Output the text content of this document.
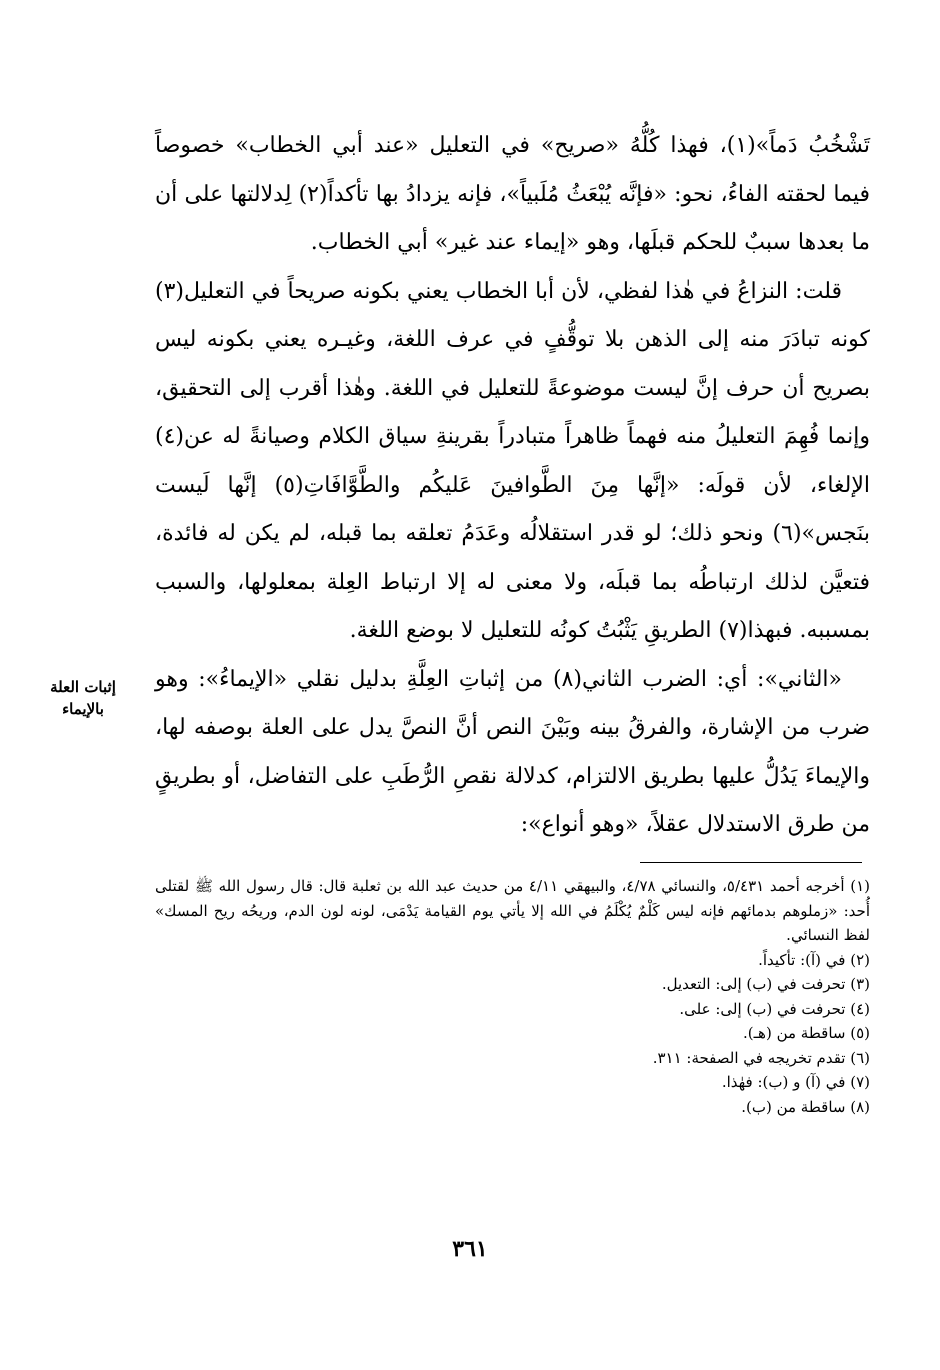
تَشْخُبُ دَماً»(١)، فهذا كُلُّهُ «صريح» في التعليل «عند أبي الخطاب» خصوصاً فيما لحقته الفاءُ، نحو: «فإنَّه يُبْعَثُ مُلَبياً»، فإنه يزدادُ بها تأكداً(٢) لِدلالتها على أن ما بعدها سببٌ للحكم قبلَها، وهو «إيماء عند غير» أبي الخطاب.

قلت: النزاعُ في هٰذا لفظي، لأن أبا الخطاب يعني بكونه صريحاً في التعليل(٣) كونه تبادَرَ منه إلى الذهن بلا توقُّفٍ في عرف اللغة، وغيـره يعني بكونه ليس بصريح أن حرف إنَّ ليست موضوعةً للتعليل في اللغة. وهٰذا أقرب إلى التحقيق، وإنما فُهِمَ التعليلُ منه فهماً ظاهراً متبادراً بقرينةِ سياق الكلام وصيانةً له عن(٤) الإلغاء، لأن قولَه: «إنَّها مِنَ الطَّوافينَ عَليكُم والطَّوَّافَاتِ(٥) إنَّها لَيست بنَجس»(٦) ونحو ذلك؛ لو قدر استقلالُه وعَدَمُ تعلقه بما قبله، لم يكن له فائدة، فتعيَّن لذلك ارتباطُه بما قبلَه، ولا معنى له إلا ارتباط العِلة بمعلولها، والسبب بمسببه. فبهذا(٧) الطريقِ يَثْبُتُ كونُه للتعليل لا بوضع اللغة.

«الثاني»: أي: الضرب الثاني(٨) من إثباتِ العِلَّةِ بدليل نقلي «الإيماءُ»: وهو ضرب من الإشارة، والفرقُ بينه وبَيْنَ النص أنَّ النصَّ يدل على العلة بوصفه لها، والإيماءَ يَدُلُّ عليها بطريق الالتزام، كدلالة نقصِ الرُّطَبِ على التفاضل، أو بطريقٍ من طرق الاستدلال عقلاً، «وهو أنواع»:

إثبات العلة
بالإيماء

(١) أخرجه أحمد ٥/٤٣١، والنسائي ٤/٧٨، والبيهقي ٤/١١ من حديث عبد الله بن ثعلبة قال: قال رسول الله ﷺ لقتلى أُحد: «زملوهم بدمائهم فإنه ليس كَلْمٌ يُكْلَمُ في الله إلا يأتي يوم القيامة يَدْمَى، لونه لون الدم، وريحُه ريح المسك» لفظ النسائي.

(٢) في (آ): تأكيداً.

(٣) تحرفت في (ب) إلى: التعديل.

(٤) تحرفت في (ب) إلى: على.

(٥) ساقطة من (هـ).

(٦) تقدم تخريجه في الصفحة: ٣١١.

(٧) في (آ) و (ب): فهٰذا.

(٨) ساقطة من (ب).

٣٦١
